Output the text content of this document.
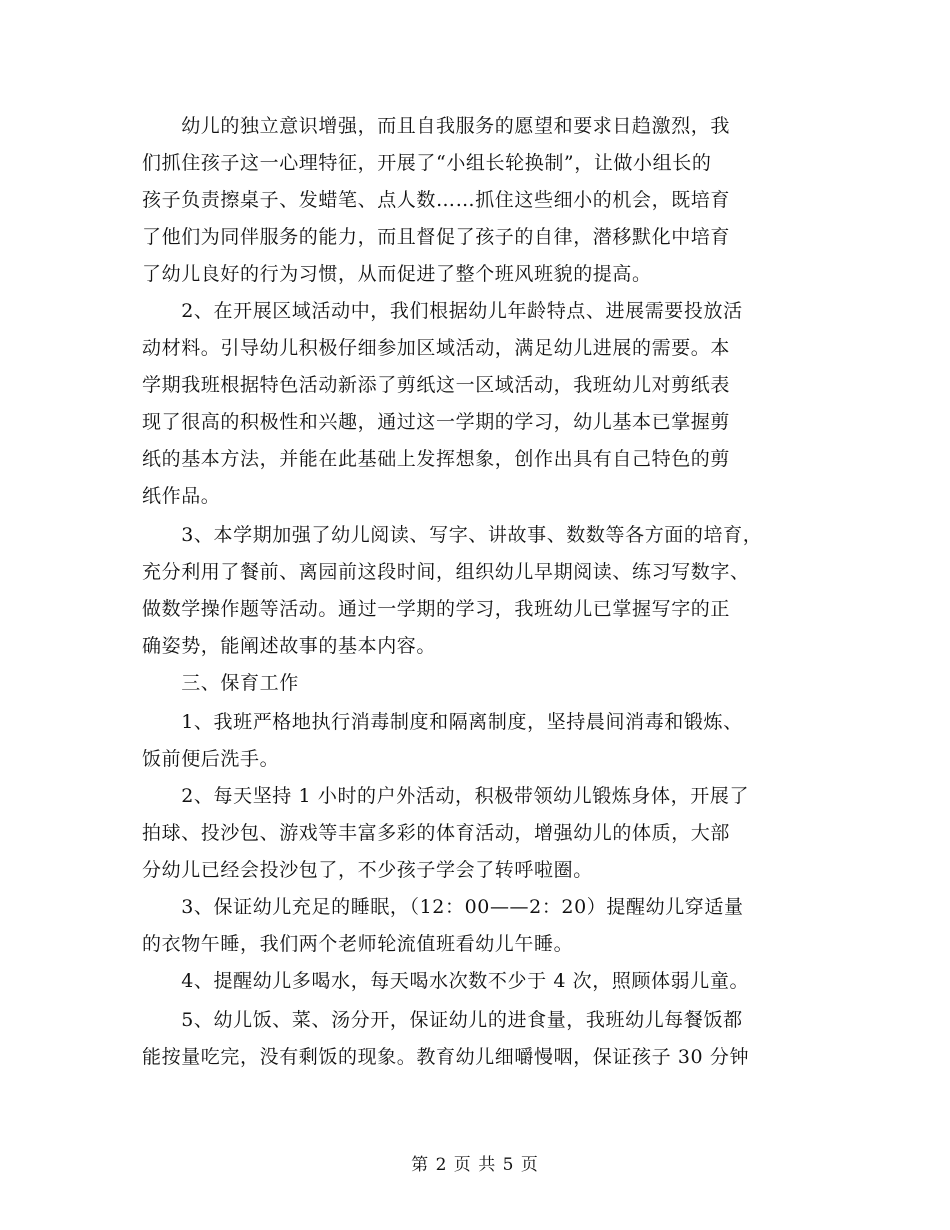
　　幼儿的独立意识增强，而且自我服务的愿望和要求日趋激烈，我
们抓住孩子这一心理特征，开展了“小组长轮换制”，让做小组长的
孩子负责擦桌子、发蜡笔、点人数……抓住这些细小的机会，既培育
了他们为同伴服务的能力，而且督促了孩子的自律，潜移默化中培育
了幼儿良好的行为习惯，从而促进了整个班风班貌的提高。
　　2、在开展区域活动中，我们根据幼儿年龄特点、进展需要投放活
动材料。引导幼儿积极仔细参加区域活动，满足幼儿进展的需要。本
学期我班根据特色活动新添了剪纸这一区域活动，我班幼儿对剪纸表
现了很高的积极性和兴趣，通过这一学期的学习，幼儿基本已掌握剪
纸的基本方法，并能在此基础上发挥想象，创作出具有自己特色的剪
纸作品。
　　3、本学期加强了幼儿阅读、写字、讲故事、数数等各方面的培育，
充分利用了餐前、离园前这段时间，组织幼儿早期阅读、练习写数字、
做数学操作题等活动。通过一学期的学习，我班幼儿已掌握写字的正
确姿势，能阐述故事的基本内容。
　　三、保育工作
　　1、我班严格地执行消毒制度和隔离制度，坚持晨间消毒和锻炼、
饭前便后洗手。
　　2、每天坚持 1 小时的户外活动，积极带领幼儿锻炼身体，开展了
拍球、投沙包、游戏等丰富多彩的体育活动，增强幼儿的体质，大部
分幼儿已经会投沙包了，不少孩子学会了转呼啦圈。
　　3、保证幼儿充足的睡眠，（12：00——2：20）提醒幼儿穿适量
的衣物午睡，我们两个老师轮流值班看幼儿午睡。
　　4、提醒幼儿多喝水，每天喝水次数不少于 4 次，照顾体弱儿童。
　　5、幼儿饭、菜、汤分开，保证幼儿的进食量，我班幼儿每餐饭都
能按量吃完，没有剩饭的现象。教育幼儿细嚼慢咽，保证孩子 30 分钟
第 2 页 共 5 页
